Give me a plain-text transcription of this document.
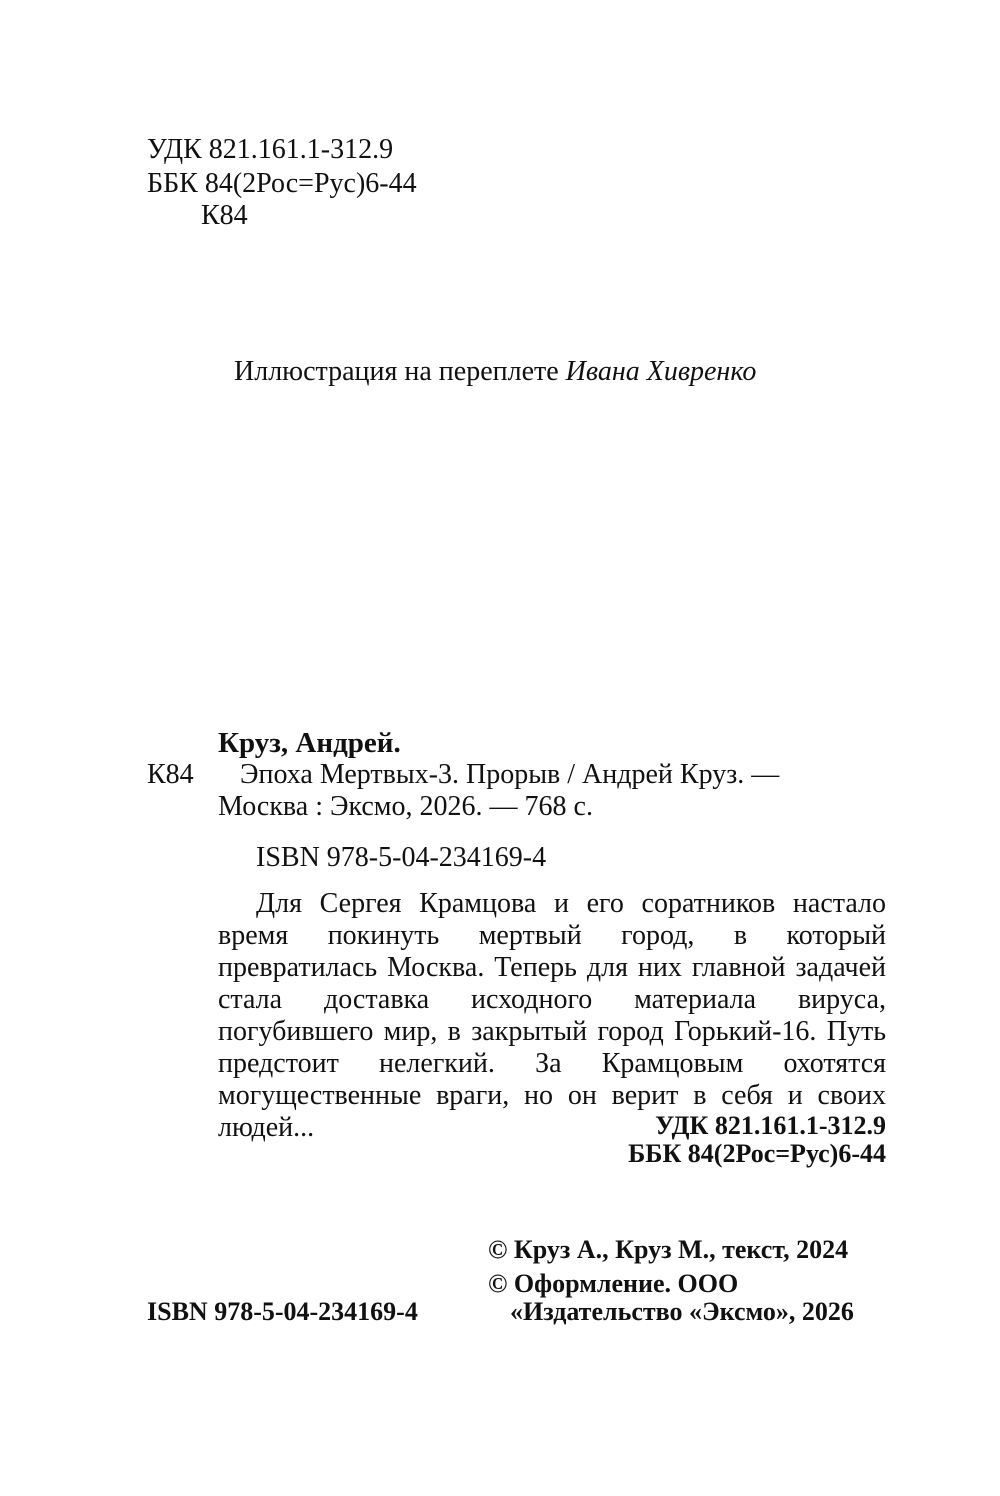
УДК 821.161.1-312.9
ББК 84(2Рос=Рус)6-44
К84
Иллюстрация на переплете Ивана Хивренко
Круз, Андрей.
К84 Эпоха Мертвых-3. Прорыв / Андрей Круз. —
Москва : Эксмо, 2026. — 768 с.
ISBN 978-5-04-234169-4
Для Сергея Крамцова и его соратников настало время покинуть мертвый город, в который превратилась Москва. Теперь для них главной задачей стала доставка исходного материала вируса, погубившего мир, в закрытый город Горький-16. Путь предстоит нелегкий. За Крамцовым охотятся могущественные враги, но он верит в себя и своих людей...	УДК 821.161.1-312.9
ББК 84(2Рос=Рус)6-44
© Круз А., Круз М., текст, 2024
© Оформление. ООО
«Издательство «Эксмо», 2026
ISBN 978-5-04-234169-4
